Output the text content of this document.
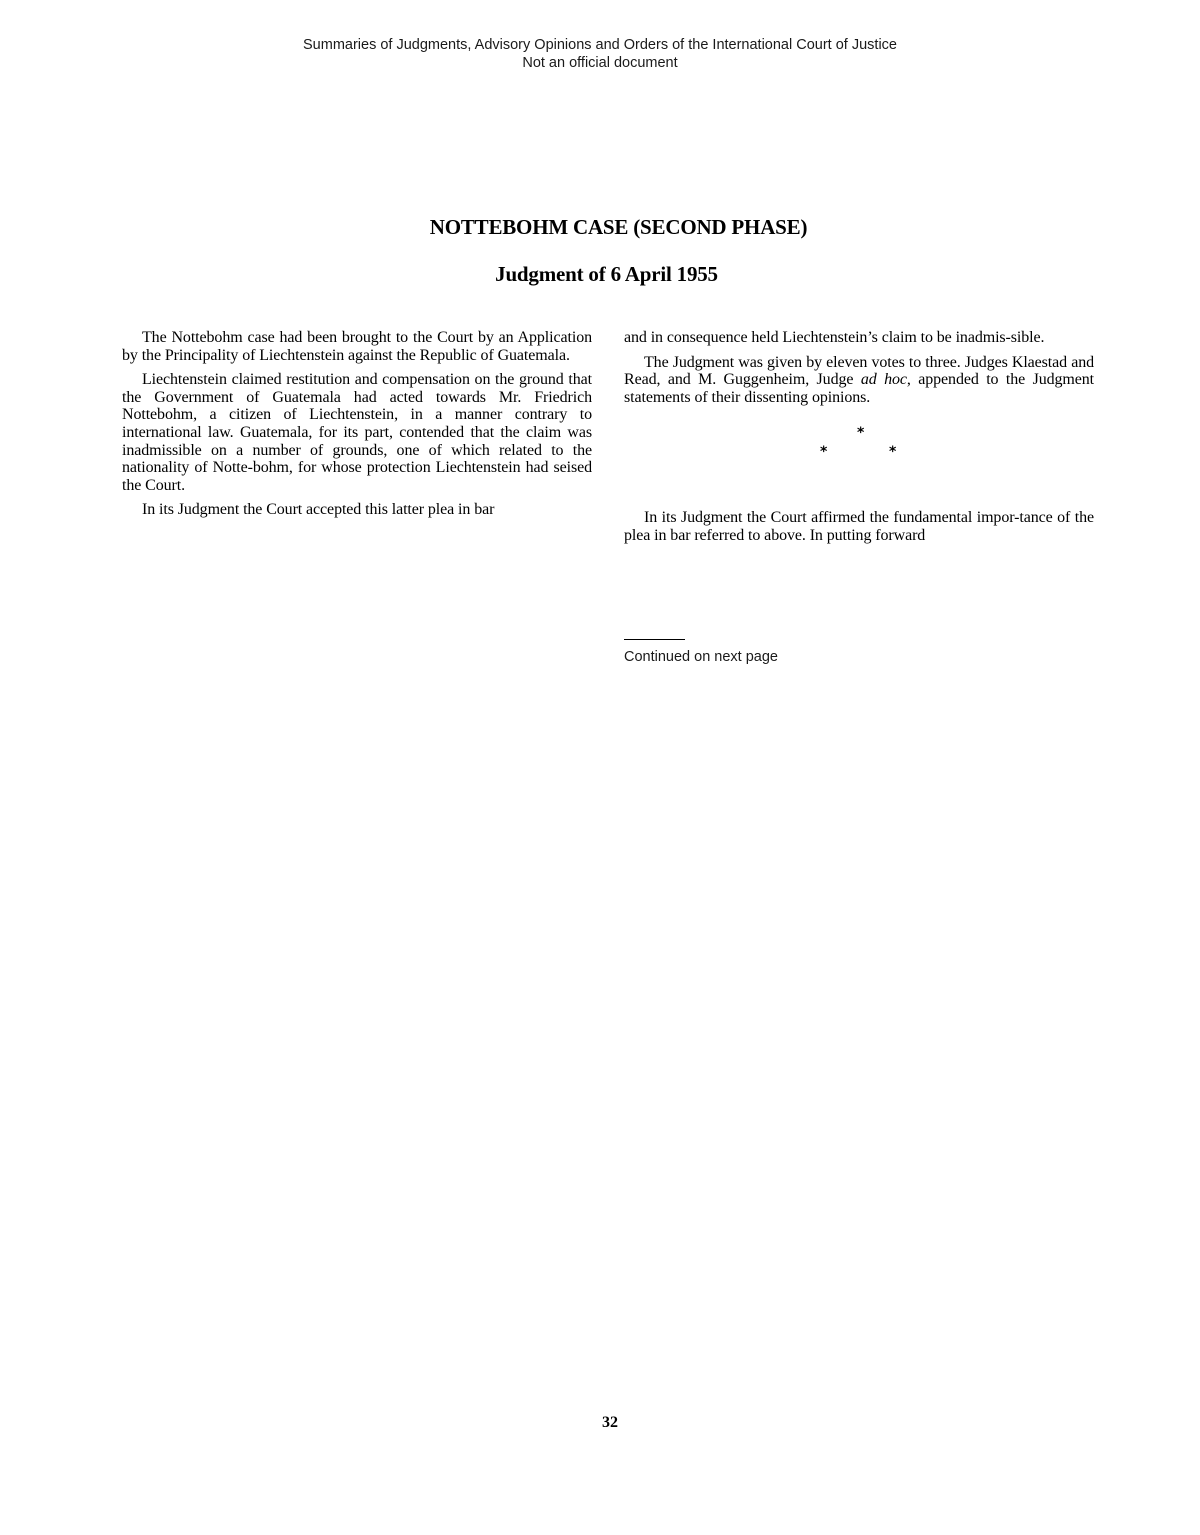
Summaries of Judgments, Advisory Opinions and Orders of the International Court of Justice
Not an official document
NOTTEBOHM CASE (SECOND PHASE)
Judgment of 6 April 1955

The Nottebohm case had been brought to the Court by an Application by the Principality of Liechtenstein against the Republic of Guatemala.

Liechtenstein claimed restitution and compensation on the ground that the Government of Guatemala had acted towards Mr. Friedrich Nottebohm, a citizen of Liechtenstein, in a manner contrary to international law. Guatemala, for its part, contended that the claim was inadmissible on a number of grounds, one of which related to the nationality of Notte-bohm, for whose protection Liechtenstein had seised the Court.

In its Judgment the Court accepted this latter plea in bar

and in consequence held Liechtenstein’s claim to be inadmis-sible.

The Judgment was given by eleven votes to three. Judges Klaestad and Read, and M. Guggenheim, Judge ad hoc, appended to the Judgment statements of their dissenting opinions.

*
*	*

In its Judgment the Court affirmed the fundamental impor-tance of the plea in bar referred to above. In putting forward

Continued on next page
32
